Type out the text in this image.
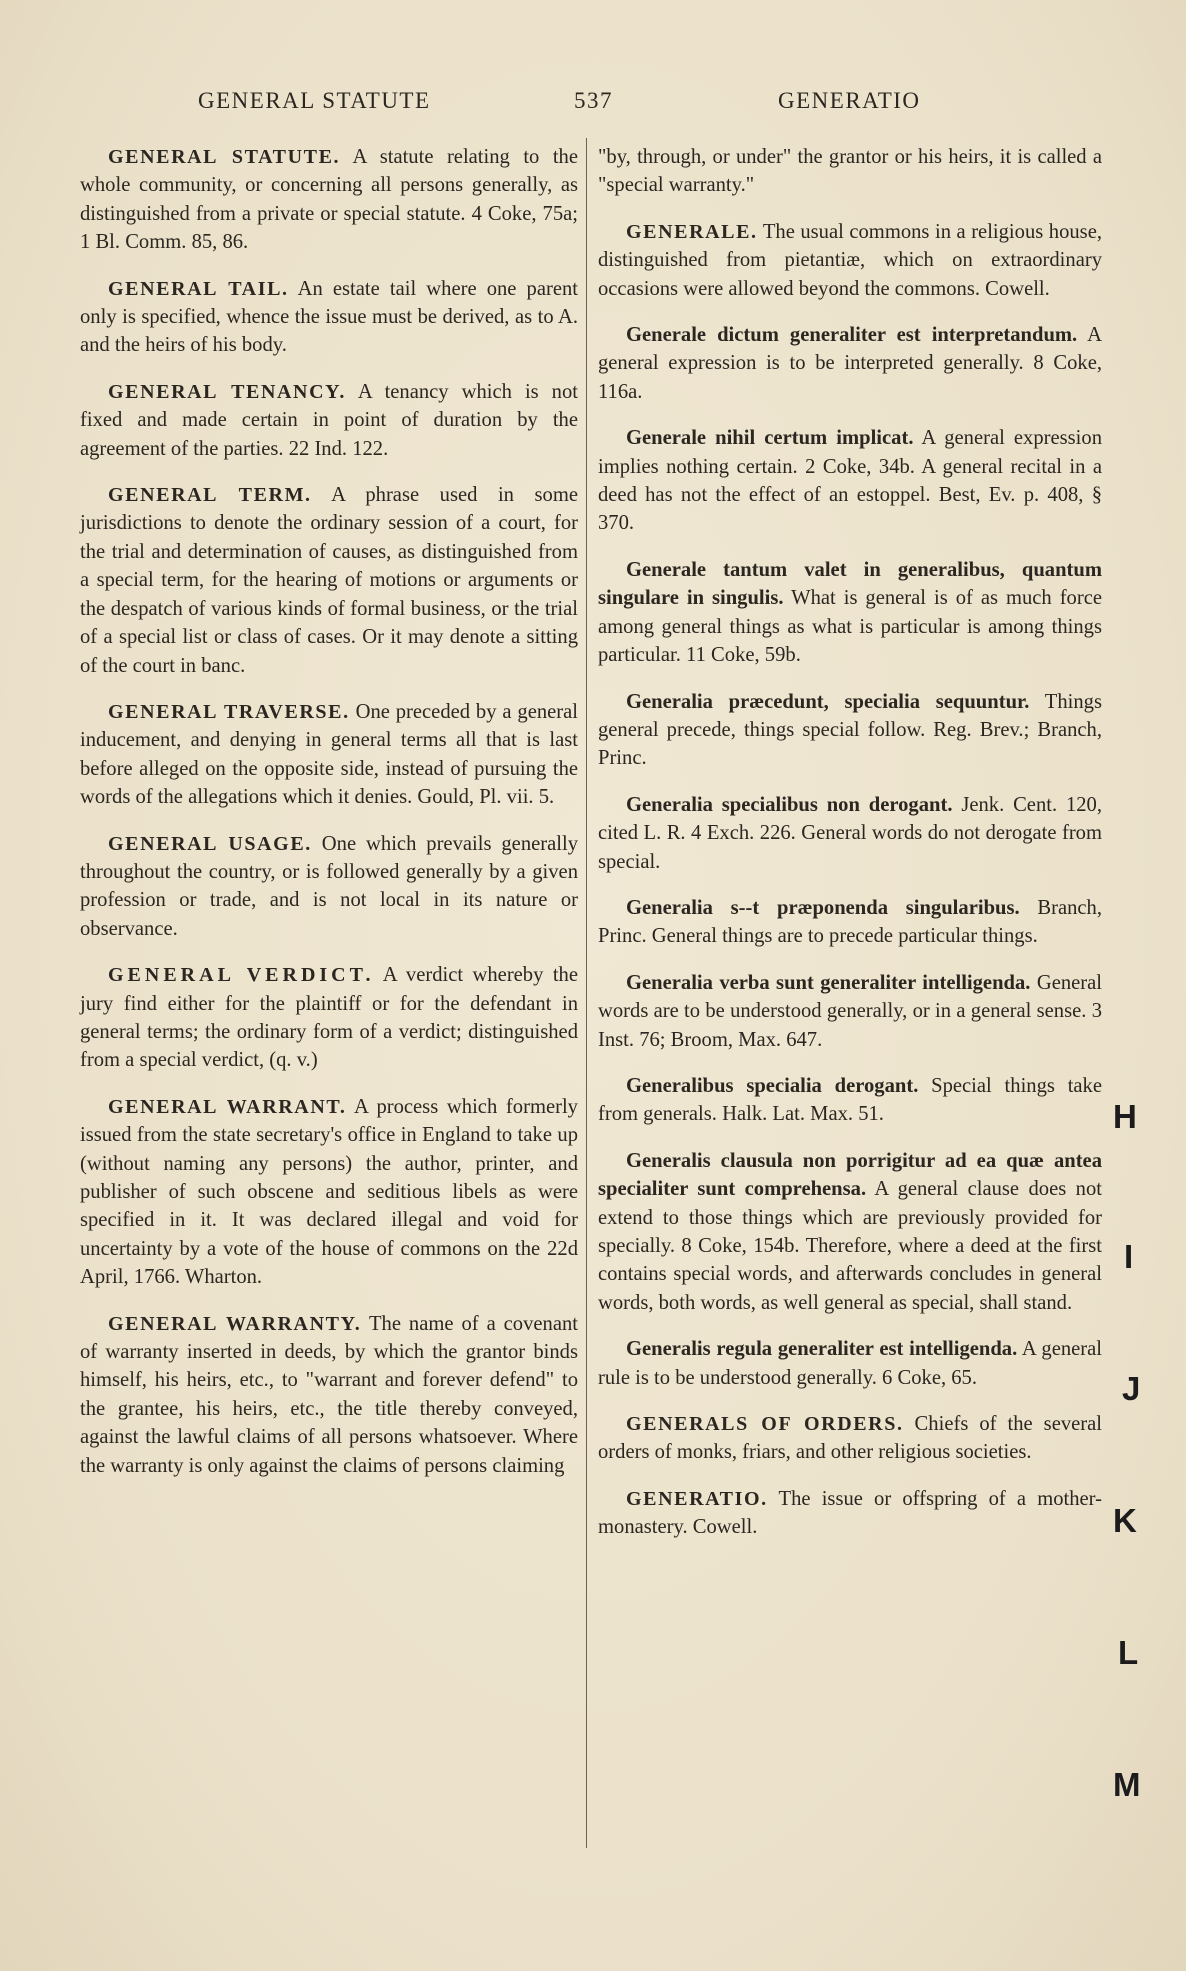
GENERAL STATUTE	537	GENERATIO

GENERAL STATUTE. A statute relating to the whole community, or concerning all persons generally, as distinguished from a private or special statute. 4 Coke, 75a; 1 Bl. Comm. 85, 86.

GENERAL TAIL. An estate tail where one parent only is specified, whence the issue must be derived, as to A. and the heirs of his body.

GENERAL TENANCY. A tenancy which is not fixed and made certain in point of duration by the agreement of the parties. 22 Ind. 122.

GENERAL TERM. A phrase used in some jurisdictions to denote the ordinary session of a court, for the trial and determination of causes, as distinguished from a special term, for the hearing of motions or arguments or the despatch of various kinds of formal business, or the trial of a special list or class of cases. Or it may denote a sitting of the court in banc.

GENERAL TRAVERSE. One preceded by a general inducement, and denying in general terms all that is last before alleged on the opposite side, instead of pursuing the words of the allegations which it denies. Gould, Pl. vii. 5.

GENERAL USAGE. One which prevails generally throughout the country, or is followed generally by a given profession or trade, and is not local in its nature or observance.

GENERAL VERDICT. A verdict whereby the jury find either for the plaintiff or for the defendant in general terms; the ordinary form of a verdict; distinguished from a special verdict, (q. v.)

GENERAL WARRANT. A process which formerly issued from the state secretary's office in England to take up (without naming any persons) the author, printer, and publisher of such obscene and seditious libels as were specified in it. It was declared illegal and void for uncertainty by a vote of the house of commons on the 22d April, 1766. Wharton.

GENERAL WARRANTY. The name of a covenant of warranty inserted in deeds, by which the grantor binds himself, his heirs, etc., to "warrant and forever defend" to the grantee, his heirs, etc., the title thereby conveyed, against the lawful claims of all persons whatsoever. Where the warranty is only against the claims of persons claiming

"by, through, or under" the grantor or his heirs, it is called a "special warranty."

GENERALE. The usual commons in a religious house, distinguished from pietantiæ, which on extraordinary occasions were allowed beyond the commons. Cowell.

Generale dictum generaliter est interpretandum. A general expression is to be interpreted generally. 8 Coke, 116a.

Generale nihil certum implicat. A general expression implies nothing certain. 2 Coke, 34b. A general recital in a deed has not the effect of an estoppel. Best, Ev. p. 408, § 370.

Generale tantum valet in generalibus, quantum singulare in singulis. What is general is of as much force among general things as what is particular is among things particular. 11 Coke, 59b.

Generalia præcedunt, specialia sequuntur. Things general precede, things special follow. Reg. Brev.; Branch, Princ.

Generalia specialibus non derogant. Jenk. Cent. 120, cited L. R. 4 Exch. 226. General words do not derogate from special.

Generalia s--t præponenda singularibus. Branch, Princ. General things are to precede particular things.

Generalia verba sunt generaliter intelligenda. General words are to be understood generally, or in a general sense. 3 Inst. 76; Broom, Max. 647.

Generalibus specialia derogant. Special things take from generals. Halk. Lat. Max. 51.

Generalis clausula non porrigitur ad ea quæ antea specialiter sunt comprehensa. A general clause does not extend to those things which are previously provided for specially. 8 Coke, 154b. Therefore, where a deed at the first contains special words, and afterwards concludes in general words, both words, as well general as special, shall stand.

Generalis regula generaliter est intelligenda. A general rule is to be understood generally. 6 Coke, 65.

GENERALS OF ORDERS. Chiefs of the several orders of monks, friars, and other religious societies.

GENERATIO. The issue or offspring of a mother-monastery. Cowell.

H
I
J
K
L
M
